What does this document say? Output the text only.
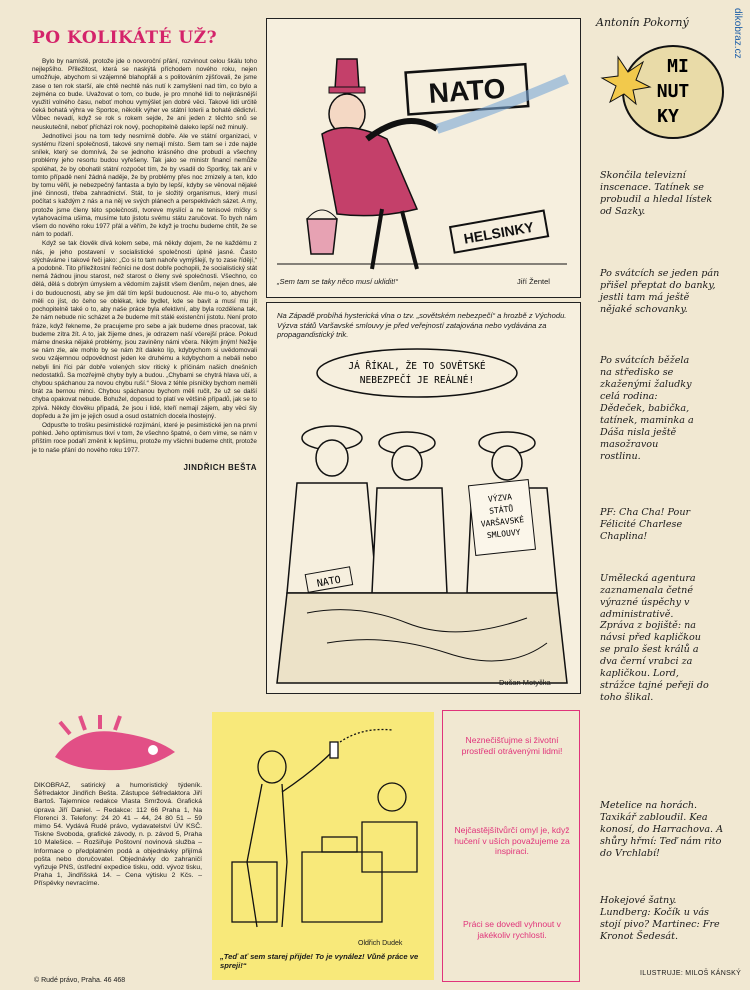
PO KOLIKÁTÉ UŽ?

Bylo by namístě, protože jde o novoroční přání, rozvinout celou škálu toho nejlepšího. Příležitost, která se naskýtá příchodem nového roku, nejen umožňuje, abychom si vzájemně blahopřáli a s politováním zjišťovali, že jsme zase o ten rok starší, ale chtě nechtě nás nutí k zamyšlení nad tím, co bylo a zejména co bude. Uvažovat o tom, co bude, je pro mnohé lidi to nejkrásnější využití volného času, neboť mohou vymýšlet jen dobré věci. Takové lidi určitě čeká bohatá výhra ve Sportce, několik výher ve státní loterii a bohaté dědictví. Vůbec nevadí, když se rok s rokem sejde, že ani jeden z těchto snů se neuskutečnil, neboť příchází rok nový, pochopitelně daleko lepší než minulý.

Jednotlivci jsou na tom tedy nesmírně dobře. Ale ve státní organizaci, v systému řízení společnosti, takové sny nemají místo. Sem tam se i zde najde snílek, který se domnívá, že se jednoho krásného dne probudí a všechny problémy jeho resortu budou vyřešeny. Tak jako se ministr financí nemůže spoléhat, že by obohatil státní rozpočet tím, že by vsadil do Sportky, tak ani v tomto případě není žádná naděje, že by problémy přes noc zmizely a ten, kdo by tomu věřil, je nebezpečný fantasta a bylo by lepší, kdyby se věnoval nějaké jiné činnosti, třeba zahradnictví. Stát, to je složitý organismus, který musí počítat s každým z nás a na něj ve svých plánech a perspektivách sázet. A my, protože jsme členy této společnosti, tvoreve myslící a ne tenisové míčky s vytahovacíma ušima, musíme tuto jistotu svému státu zaručovat. To bych nám všem do nového roku 1977 přál a věřím, že když je trochu budeme chtít, že se nám to podaří.

Když se tak člověk dívá kolem sebe, má někdy dojem, že ne každému z nás, je jeho postavení v socialistické společnosti úplně jasné. Často slýcháváme i takové řeči jako: „Co si to tam nahoře vymýšlejí, ty to zase řídějí,“ a podobně. Tito příležitostní řečníci ne dost dobře pochopili, že socialistický stát nemá žádnou jinou starost, než starost o členy své společnosti. Všechno, co dělá, dělá s dobrým úmyslem a vědomím zajistit všem členům, nejen dnes, ale i do budoucnosti, aby se jim dál tím lepší budoucnost. Ale mu-o to, abychom měli co jíst, do čeho se oblékat, kde bydlet, kde se bavit a musí mu jít pochopitelně také o to, aby naše práce byla efektivní, aby byla rozdělena tak, že nám nebude nic scházet a že budeme mít stálé existenční jistotu. Není proto fráze, když řekneme, že pracujeme pro sebe a jak budeme dnes pracovat, tak budeme zítra žít. A to, jak žijeme dnes, je odrazem naší včerejší práce. Pokud máme dneska nějaké problémy, jsou zaviněny námi včera. Nikým jiným! Nežije se nám zle, ale mohlo by se nám žít daleko líp, kdybychom si uvědomovali svou vzájemnou odpovědnost jeden ke druhému a kdybychom a nebáli nebo nebyli lini říci pár dobře volených slov ritický k příčinám našich dnešních nedostatků. Sa mozřejmě chyby byly a budou. „Chybami se chytrá hlava učí, a chybou spáchanou za novou chybu ruší.“ Slova z téhle písničky bychom neměli brát za bernou minci. Chybou spáchanou bychom měli ručit, že už se další chyba opakovat nebude. Bohužel, doposud to platí ve většině případů, jak se to zpívá. Někdy člověku připadá, že jsou i lidé, kteří nemají zájem, aby věci šly dopředu a že jim je jejich osud a osud ostatních docela lhostejný.

Odpusťte to trošku pesimistické rozjímání, které je pesimistické jen na první pohled. Jeho optimismus tkví v tom, že všechno špatné, o čem víme, se nám v příštím roce podaří změnit k lepšímu, protože my všichni budeme chtít, protože je to naše přání do nového roku 1977.

JINDŘICH BEŠTA
NATO
HELSINKY
„Sem tam se taky něco musí uklidit!“	Jiří Žentel
Na Západě probíhá hysterická vlna o tzv. „sovětském nebezpečí“ a hrozbě z Východu. Výzva států Varšavské smlouvy je před veřejností zatajována nebo vydávána za propagandistický trik.
JÁ ŘÍKAL, ŽE TO SOVĚTSKÉ
NEBEZPEČÍ JE REÁLNÉ!
VÝZVA
STÁTŮ
VARŠAVSKÉ
SMLOUVY
NATO
Dušan Motyčka
Antonín Pokorný
MI
NUT
KY
Skončila televizní inscenace. Tatínek se probudil a hledal lístek od Sazky.
Po svátcích se jeden pán přišel přeptat do banky, jestli tam má ještě nějaké schovanky.
Po svátcích běžela na středisko se zkaženými žaludky celá rodina: Dědeček, babička, tatínek, maminka a Dáša nisla ještě masožravou rostlinu.
PF: Cha Cha! Pour Félicité Charlese Chaplina!
Umělecká agentura zaznamenala četné výrazné úspěchy v administrativě.
Zpráva z bojiště: na návsi před kapličkou se pralo šest králů a dva černí vrabci za kapličkou. Lord, strážce tajné peřeji do toho šlikal.
Metelice na horách. Taxikář zabloudil. Kea konosí, do Harrachova. A shůry hřmí: Teď nám rito do Vrchlabí!
Hokejové šatny. Lundberg: Kočík u vás stojí pivo? Martinec: Fre Kronot Šedesát.
ILUSTRUJE: MILOŠ KÁNSKÝ
dikobraz.cz
DIKOBRAZ, satirický a humoristický týdeník. Šéfredaktor Jindřich Bešta. Zástupce šéfredaktora Jiří Bartoš. Tajemnice redakce Vlasta Smržová. Grafická úprava Jiří Daniel. – Redakce: 112 66 Praha 1, Na Florenci 3. Telefony: 24 20 41 – 44, 24 80 51 – 59 mimo 54. Vydává Rudé právo, vydavatelství ÚV KSČ. Tiskne Svoboda, grafické závody, n. p. závod 5, Praha 10 Malešice. – Rozšiřuje Poštovní novinová služba – Informace o předplatném podá a objednávky přijímá pošta nebo doručovatel. Objednávky do zahraničí vyřizuje PNS, ústřední expedice tisku, odd. vývoz tisku, Praha 1, Jindřišská 14. – Cena výtisku 2 Kčs. – Příspěvky nevracíme.
© Rudé právo, Praha. 46 468
Oldřich Dudek
„Teď ať sem starej přijde! To je vynález! Vůně práce ve spreji!“

Neznečišťujme si životní prostředí otrávenými lidmi!

Nejčastějšítvůrčí omyl je, když hučení v uších považujeme za inspiraci.

Práci se dovedl vyhnout v jakékoliv rychlosti.
